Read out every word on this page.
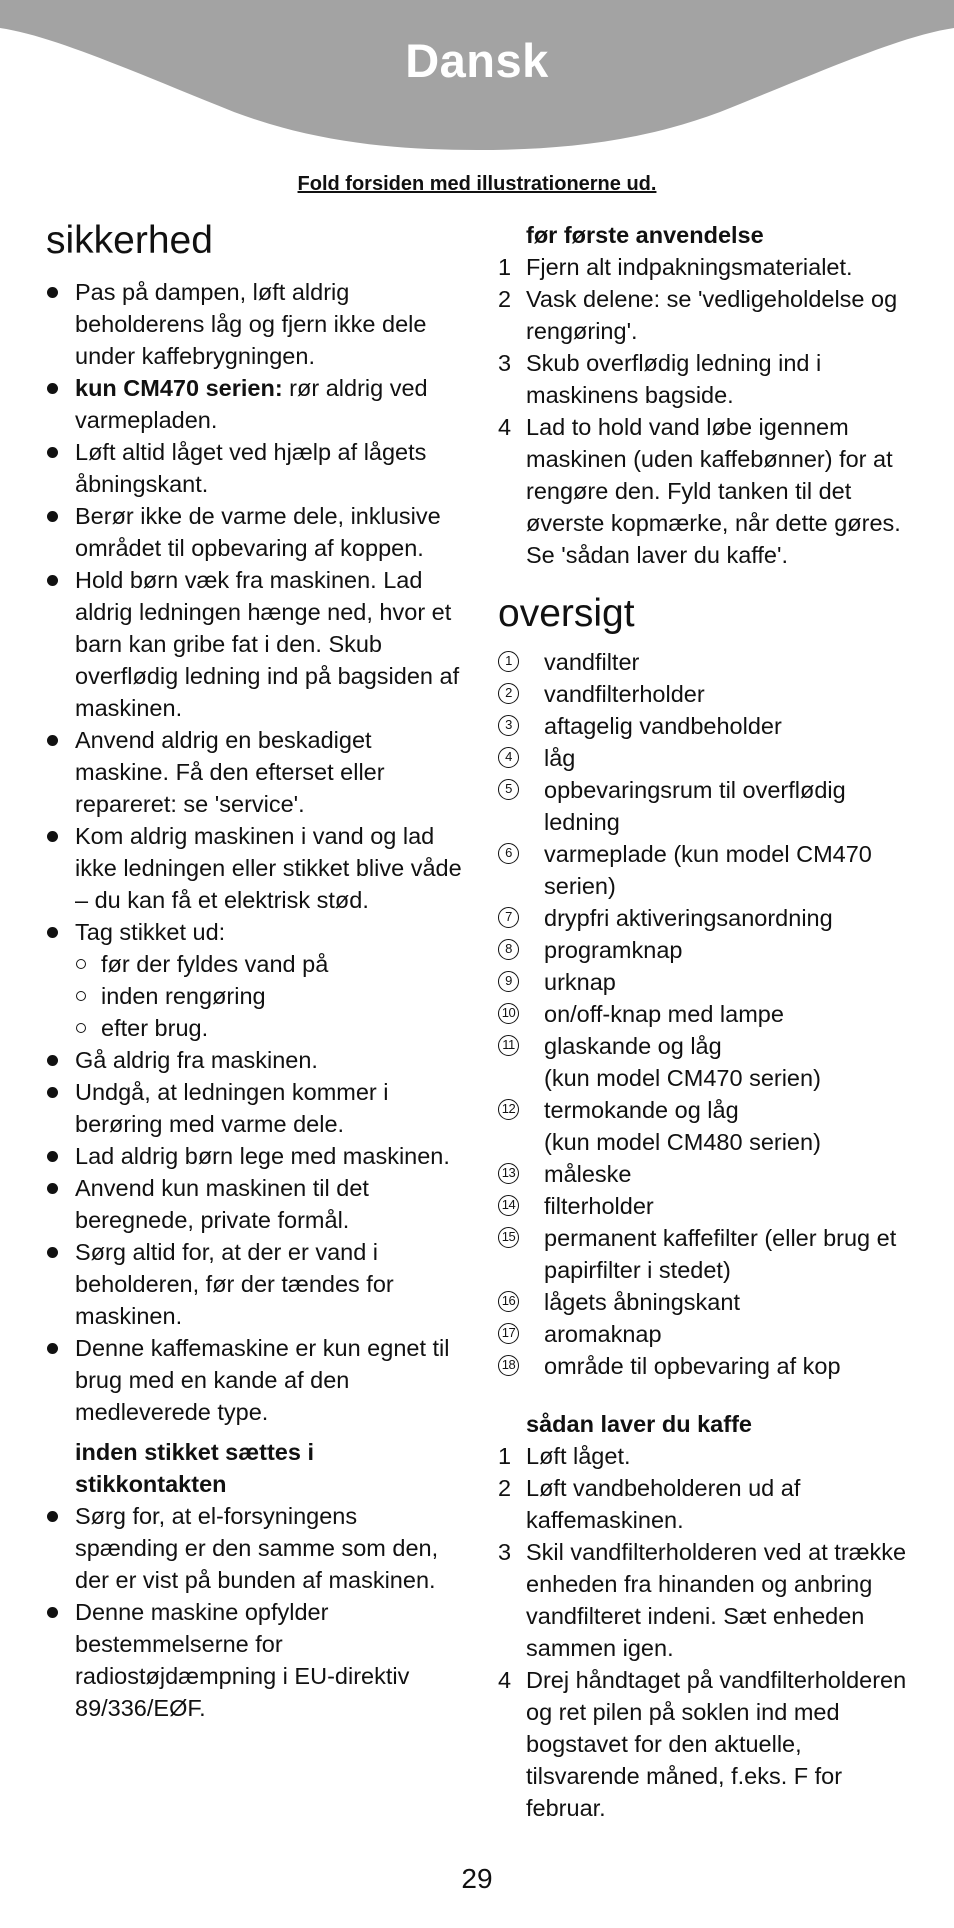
Dansk
Fold forsiden med illustrationerne ud.
sikkerhed
Pas på dampen, løft aldrig beholderens låg og fjern ikke dele under kaffebrygningen.
kun CM470 serien: rør aldrig ved varmepladen.
Løft altid låget ved hjælp af lågets åbningskant.
Berør ikke de varme dele, inklusive området til opbevaring af koppen.
Hold børn væk fra maskinen. Lad aldrig ledningen hænge ned, hvor et barn kan gribe fat i den. Skub overflødig ledning ind på bagsiden af maskinen.
Anvend aldrig en beskadiget maskine. Få den efterset eller repareret: se 'service'.
Kom aldrig maskinen i vand og lad ikke ledningen eller stikket blive våde – du kan få et elektrisk stød.
Tag stikket ud:
før der fyldes vand på
inden rengøring
efter brug.
Gå aldrig fra maskinen.
Undgå, at ledningen kommer i berøring med varme dele.
Lad aldrig børn lege med maskinen.
Anvend kun maskinen til det beregnede, private formål.
Sørg altid for, at der er vand i beholderen, før der tændes for maskinen.
Denne kaffemaskine er kun egnet til brug med en kande af den medleverede type.
inden stikket sættes i stikkontakten
Sørg for, at el-forsyningens spænding er den samme som den, der er vist på bunden af maskinen.
Denne maskine opfylder bestemmelserne for radiostøjdæmpning i EU-direktiv 89/336/EØF.
før første anvendelse
1 Fjern alt indpakningsmaterialet.
2 Vask delene: se 'vedligeholdelse og rengøring'.
3 Skub overflødig ledning ind i maskinens bagside.
4 Lad to hold vand løbe igennem maskinen (uden kaffebønner) for at rengøre den. Fyld tanken til det øverste kopmærke, når dette gøres. Se 'sådan laver du kaffe'.
oversigt
1	vandfilter
2	vandfilterholder
3	aftagelig vandbeholder
4	låg
5	opbevaringsrum til overflødig ledning
6	varmeplade (kun model CM470 serien)
7	drypfri aktiveringsanordning
8	programknap
9	urknap
10 on/off-knap med lampe
11 glaskande og låg
(kun model CM470 serien)
12 termokande og låg
(kun model CM480 serien)
13 måleske
14 filterholder
15 permanent kaffefilter (eller brug et papirfilter i stedet)
16 lågets åbningskant
17 aromaknap
18 område til opbevaring af kop
sådan laver du kaffe
1 Løft låget.
2 Løft vandbeholderen ud af kaffemaskinen.
3 Skil vandfilterholderen ved at trække enheden fra hinanden og anbring vandfilteret indeni. Sæt enheden sammen igen.
4 Drej håndtaget på vandfilterholderen og ret pilen på soklen ind med bogstavet for den aktuelle, tilsvarende måned, f.eks. F for februar.
29
